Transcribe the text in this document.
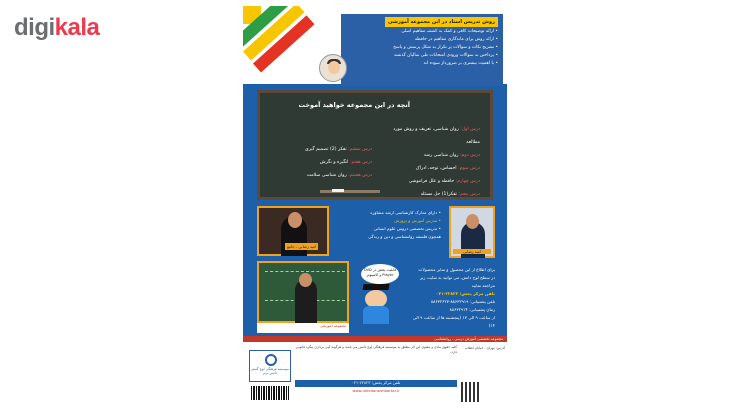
digikala	روش تدریس استاد در این مجموعه آموزشی

• ارائه توضیحات کافی و کمک به کشف مفاهیم اصلی

• ارائه روش برای ماندگاری مفاهیم در حافظه

• تشریح نکات و سوالات پر تکرار به شکل پرسش و پاسخ

• پرداختن به سوالات ورودی امتحانات طی سالیان گذشته

• با اهمیت بیشتری بر ضرورداز سوده اند

آنچه در این مجموعه خواهید آموخت
درس اول: روان شناسی، تعریف و روش مورد مطالعه
درس دوم: روان شناسی رشد
درس سوم: احساس، توجه، ادراک
درس چهارم: حافظه و علل فراموشی
درس پنجم: تفکر(1) حل مسئله
درس ششم: تفکر (2) تصمیم گیری
درس هفتم: انگیزه و نگرش
درس هشتم: روان شناسی سلامت
امید رضایی - جامع

• دارای مدارک کارشناسی ارشد مشاوره

• مدرس آموزش و پرورش

• تدریس تخصصی دروس علوم انسانی

همچون فلسفه روانشناسی و دین و زندگی

امید رضایی
مجموعه آموزشی
قابلیت پخش در DVD Player و کامپیوتر

برای اطلاع از این محصول و سایر محصولات

در سطح لوح دانش، می توانید به سایت زیر مراجعه نمایید

تلفن مرکز پخش: ۲۲۸۲۳-۰۲۱

تلفن پشتیبانی: ۸۸۶۳۲۹۱۹-۸۸۶۳۲۶۲۷

زمان پشتیبانی: ۸۸۶۳۲۹۱۴

از ساعت ۹ الی ۱۷ (پنجشنبه ها از ساعت ۹ الی ۱۴)

مجموعه تخصصی آموزش درسی - روانشناسی
کلیه حقوق مادی و معنوی این اثر متعلق به موسسه فرهنگی لوح دانش می باشد و هرگونه کپی برداری پیگرد قانونی دارد.
موسسه فرهنگی لوح گستر دانش برتر
آدرس: تهران - خیابان انقلاب
تلفن مرکز پخش: ۲۲۸۲۳-۰۲۱
www.lohedaneshbartar.ir
